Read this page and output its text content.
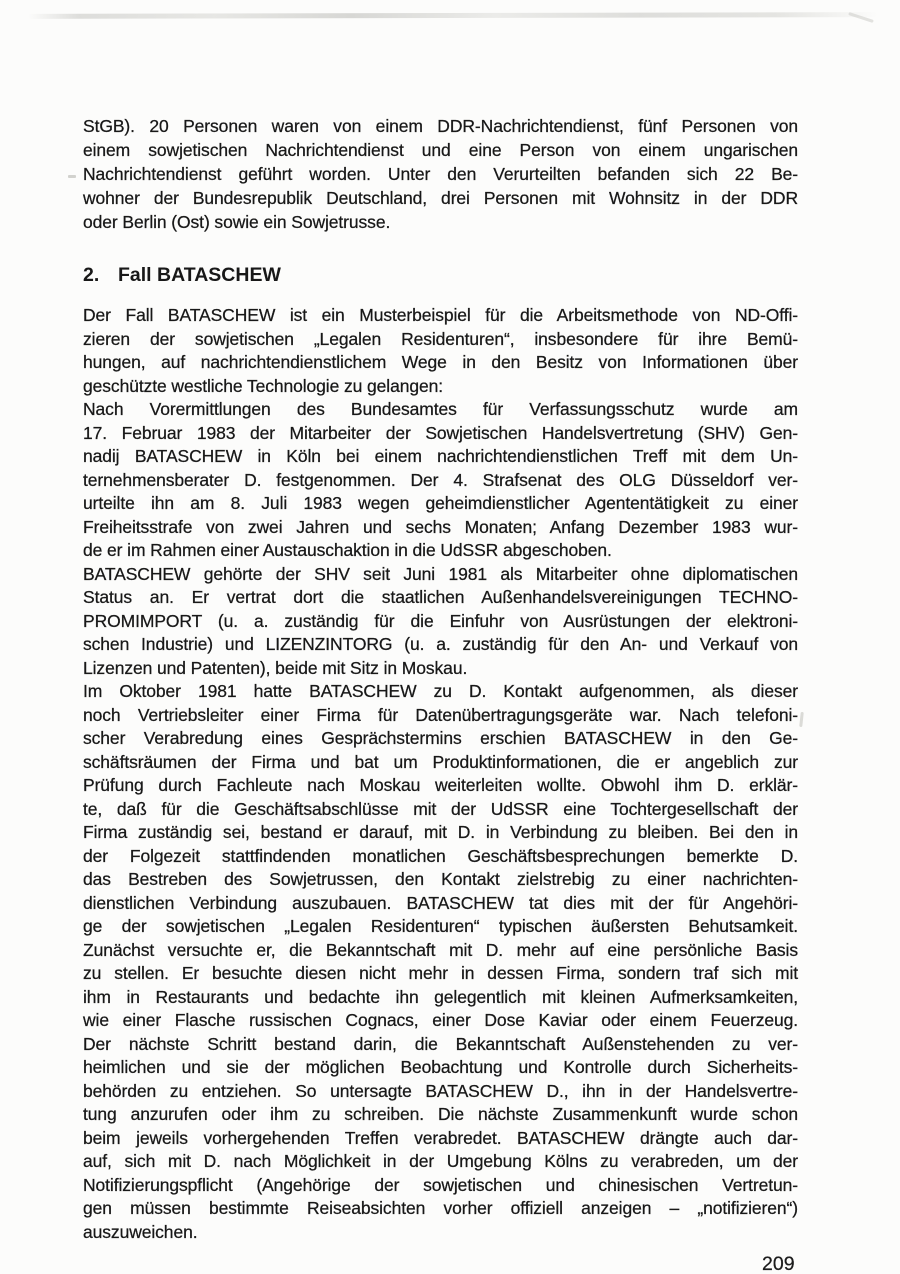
StGB). 20 Personen waren von einem DDR-Nachrichtendienst, fünf Personen von
einem sowjetischen Nachrichtendienst und eine Person von einem ungarischen
Nachrichtendienst geführt worden. Unter den Verurteilten befanden sich 22 Be-
wohner der Bundesrepublik Deutschland, drei Personen mit Wohnsitz in der DDR
oder Berlin (Ost) sowie ein Sowjetrusse.
2. Fall BATASCHEW
Der Fall BATASCHEW ist ein Musterbeispiel für die Arbeitsmethode von ND-Offi-
zieren der sowjetischen „Legalen Residenturen“, insbesondere für ihre Bemü-
hungen, auf nachrichtendienstlichem Wege in den Besitz von Informationen über
geschützte westliche Technologie zu gelangen:
Nach Vorermittlungen des Bundesamtes für Verfassungsschutz wurde am
17. Februar 1983 der Mitarbeiter der Sowjetischen Handelsvertretung (SHV) Gen-
nadij BATASCHEW in Köln bei einem nachrichtendienstlichen Treff mit dem Un-
ternehmensberater D. festgenommen. Der 4. Strafsenat des OLG Düsseldorf ver-
urteilte ihn am 8. Juli 1983 wegen geheimdienstlicher Agententätigkeit zu einer
Freiheitsstrafe von zwei Jahren und sechs Monaten; Anfang Dezember 1983 wur-
de er im Rahmen einer Austauschaktion in die UdSSR abgeschoben.
BATASCHEW gehörte der SHV seit Juni 1981 als Mitarbeiter ohne diplomatischen
Status an. Er vertrat dort die staatlichen Außenhandelsvereinigungen TECHNO-
PROMIMPORT (u. a. zuständig für die Einfuhr von Ausrüstungen der elektroni-
schen Industrie) und LIZENZINTORG (u. a. zuständig für den An- und Verkauf von
Lizenzen und Patenten), beide mit Sitz in Moskau.
Im Oktober 1981 hatte BATASCHEW zu D. Kontakt aufgenommen, als dieser
noch Vertriebsleiter einer Firma für Datenübertragungsgeräte war. Nach telefoni-
scher Verabredung eines Gesprächstermins erschien BATASCHEW in den Ge-
schäftsräumen der Firma und bat um Produktinformationen, die er angeblich zur
Prüfung durch Fachleute nach Moskau weiterleiten wollte. Obwohl ihm D. erklär-
te, daß für die Geschäftsabschlüsse mit der UdSSR eine Tochtergesellschaft der
Firma zuständig sei, bestand er darauf, mit D. in Verbindung zu bleiben. Bei den in
der Folgezeit stattfindenden monatlichen Geschäftsbesprechungen bemerkte D.
das Bestreben des Sowjetrussen, den Kontakt zielstrebig zu einer nachrichten-
dienstlichen Verbindung auszubauen. BATASCHEW tat dies mit der für Angehöri-
ge der sowjetischen „Legalen Residenturen“ typischen äußersten Behutsamkeit.
Zunächst versuchte er, die Bekanntschaft mit D. mehr auf eine persönliche Basis
zu stellen. Er besuchte diesen nicht mehr in dessen Firma, sondern traf sich mit
ihm in Restaurants und bedachte ihn gelegentlich mit kleinen Aufmerksamkeiten,
wie einer Flasche russischen Cognacs, einer Dose Kaviar oder einem Feuerzeug.
Der nächste Schritt bestand darin, die Bekanntschaft Außenstehenden zu ver-
heimlichen und sie der möglichen Beobachtung und Kontrolle durch Sicherheits-
behörden zu entziehen. So untersagte BATASCHEW D., ihn in der Handelsvertre-
tung anzurufen oder ihm zu schreiben. Die nächste Zusammenkunft wurde schon
beim jeweils vorhergehenden Treffen verabredet. BATASCHEW drängte auch dar-
auf, sich mit D. nach Möglichkeit in der Umgebung Kölns zu verabreden, um der
Notifizierungspflicht (Angehörige der sowjetischen und chinesischen Vertretun-
gen müssen bestimmte Reiseabsichten vorher offiziell anzeigen – „notifizieren“)
auszuweichen.
209
